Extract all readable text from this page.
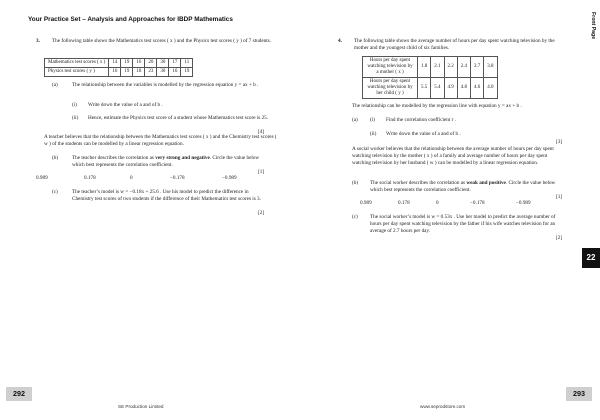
Your Practice Set – Analysis and Approaches for IBDP Mathematics	Front Page
22
3. The following table shows the Mathematics test scores ( x ) and the Physics test scores ( y ) of 7 students.
Mathematics test scores ( x )	14	19	16	20	30	17	11
Physics test scores ( y )	16	19	18	23	30	16	19
(a)	The relationship between the variables is modelled by the regression equation y = ax + b .
(i) Write down the value of a and of b .
(ii) Hence, estimate the Physics test score of a student whose Mathematics test score is 25.
[4]
A teacher believes that the relationship between the Mathematics test scores ( x ) and the Chemistry test scores ( w ) of the students can be modelled by a linear regression equation.
(b)	The teacher describes the correlation as very strong and negative. Circle the value below which best represents the correlation coefficient.
[1]
0.989	0.178	0	−0.178	−0.989
(c)	The teacher’s model is w = −0.18x + 25.6 . Use his model to predict the difference in Chemistry test scores of two students if the difference of their Mathematics test scores is 3.
[2]
4. The following table shows the average number of hours per day spent watching television by the mother and the youngest child of six families.
Hours per day spent watching television by a mother ( x )	1.8	2.1	2.2	2.4	2.7	3.8
Hours per day spent watching television by her child ( y )	5.5	5.4	4.9	4.8	4.6	4.0
The relationship can be modelled by the regression line with equation y = ax + b .
(a) (i) Find the correlation coefficient r .
(ii) Write down the value of a and of b .
[3]
A social worker believes that the relationship between the average number of hours per day spent watching television by the mother ( x ) of a family and average number of hours per day spent watching television by her husband ( w ) can be modelled by a linear regression equation.
(b) The social worker describes the correlation as weak and positive. Circle the value below which best represents the correlation coefficient.
[1]
0.989	0.178	0	−0.178	−0.989
(c) The social worker’s model is w = 0.53x . Use her model to predict the average number of hours per day spent watching television by the father if his wife watches television for an average of 2.7 hours per day.
[2]
292	293
SE Production Limited	www.seprodstore.com
